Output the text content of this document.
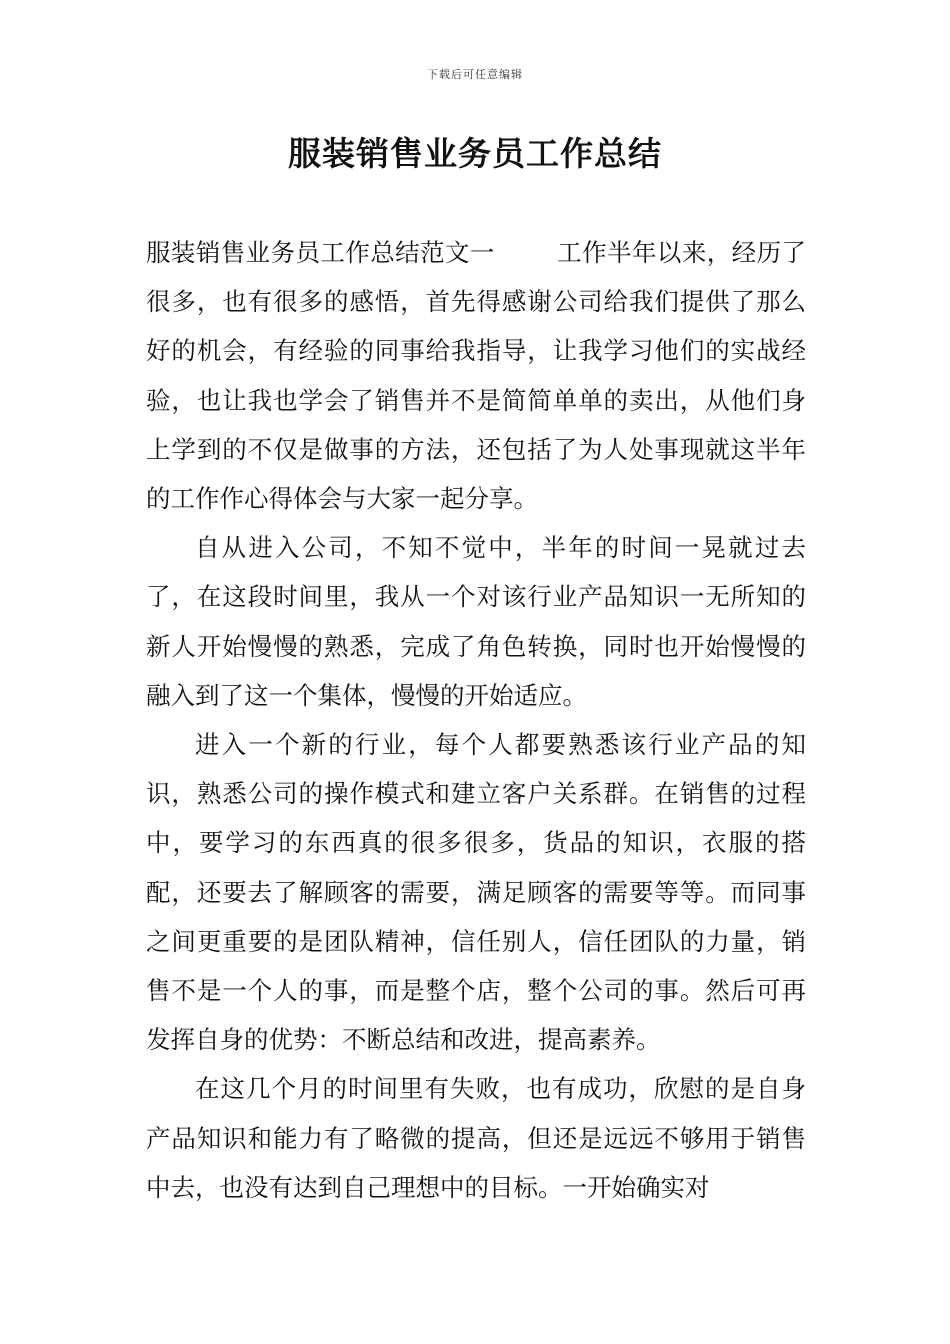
下载后可任意编辑
服装销售业务员工作总结

服装销售业务员工作总结范文一	工作半年以来，经历了很多，也有很多的感悟，首先得感谢公司给我们提供了那么好的机会，有经验的同事给我指导，让我学习他们的实战经验，也让我也学会了销售并不是简简单单的卖出，从他们身上学到的不仅是做事的方法，还包括了为人处事现就这半年的工作作心得体会与大家一起分享。

自从进入公司，不知不觉中，半年的时间一晃就过去了，在这段时间里，我从一个对该行业产品知识一无所知的新人开始慢慢的熟悉，完成了角色转换，同时也开始慢慢的融入到了这一个集体，慢慢的开始适应。

进入一个新的行业，每个人都要熟悉该行业产品的知识，熟悉公司的操作模式和建立客户关系群。在销售的过程中，要学习的东西真的很多很多，货品的知识，衣服的搭配，还要去了解顾客的需要，满足顾客的需要等等。而同事之间更重要的是团队精神，信任别人，信任团队的力量，销售不是一个人的事，而是整个店，整个公司的事。然后可再发挥自身的优势：不断总结和改进，提高素养。

在这几个月的时间里有失败，也有成功，欣慰的是自身产品知识和能力有了略微的提高，但还是远远不够用于销售中去，也没有达到自己理想中的目标。一开始确实对
